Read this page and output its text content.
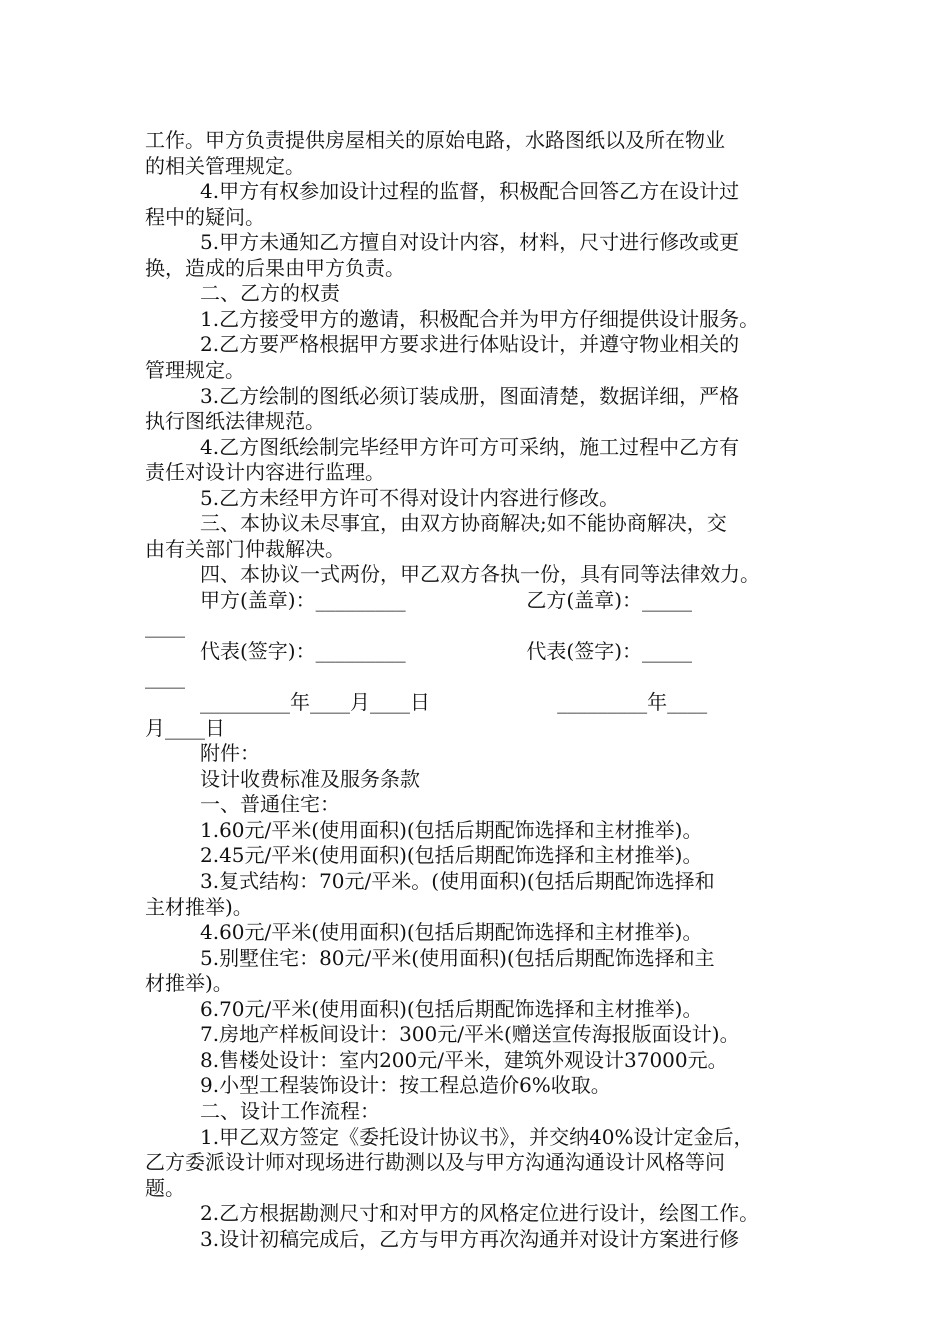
工作。甲方负责提供房屋相关的原始电路，水路图纸以及所在物业
的相关管理规定。
4.甲方有权参加设计过程的监督，积极配合回答乙方在设计过
程中的疑问。
5.甲方未通知乙方擅自对设计内容，材料，尺寸进行修改或更
换，造成的后果由甲方负责。
二、乙方的权责
1.乙方接受甲方的邀请，积极配合并为甲方仔细提供设计服务。
2.乙方要严格根据甲方要求进行体贴设计，并遵守物业相关的
管理规定。
3.乙方绘制的图纸必须订装成册，图面清楚，数据详细，严格
执行图纸法律规范。
4.乙方图纸绘制完毕经甲方许可方可采纳，施工过程中乙方有
责任对设计内容进行监理。
5.乙方未经甲方许可不得对设计内容进行修改。
三、本协议未尽事宜，由双方协商解决;如不能协商解决，交
由有关部门仲裁解决。
四、本协议一式两份，甲乙双方各执一份，具有同等法律效力。
甲方(盖章)：_________                   乙方(盖章)：_____
____
代表(签字)：_________                   代表(签字)：_____
____
_________年____月____日                    _________年____
月____日
附件：
设计收费标准及服务条款
一、普通住宅：
1.60元/平米(使用面积)(包括后期配饰选择和主材推举)。
2.45元/平米(使用面积)(包括后期配饰选择和主材推举)。
3.复式结构：70元/平米。(使用面积)(包括后期配饰选择和
主材推举)。
4.60元/平米(使用面积)(包括后期配饰选择和主材推举)。
5.别墅住宅：80元/平米(使用面积)(包括后期配饰选择和主
材推举)。
6.70元/平米(使用面积)(包括后期配饰选择和主材推举)。
7.房地产样板间设计：300元/平米(赠送宣传海报版面设计)。
8.售楼处设计：室内200元/平米，建筑外观设计37000元。
9.小型工程装饰设计：按工程总造价6%收取。
二、设计工作流程：
1.甲乙双方签定《委托设计协议书》，并交纳40%设计定金后，
乙方委派设计师对现场进行勘测以及与甲方沟通沟通设计风格等问
题。
2.乙方根据勘测尺寸和对甲方的风格定位进行设计，绘图工作。
3.设计初稿完成后，乙方与甲方再次沟通并对设计方案进行修
